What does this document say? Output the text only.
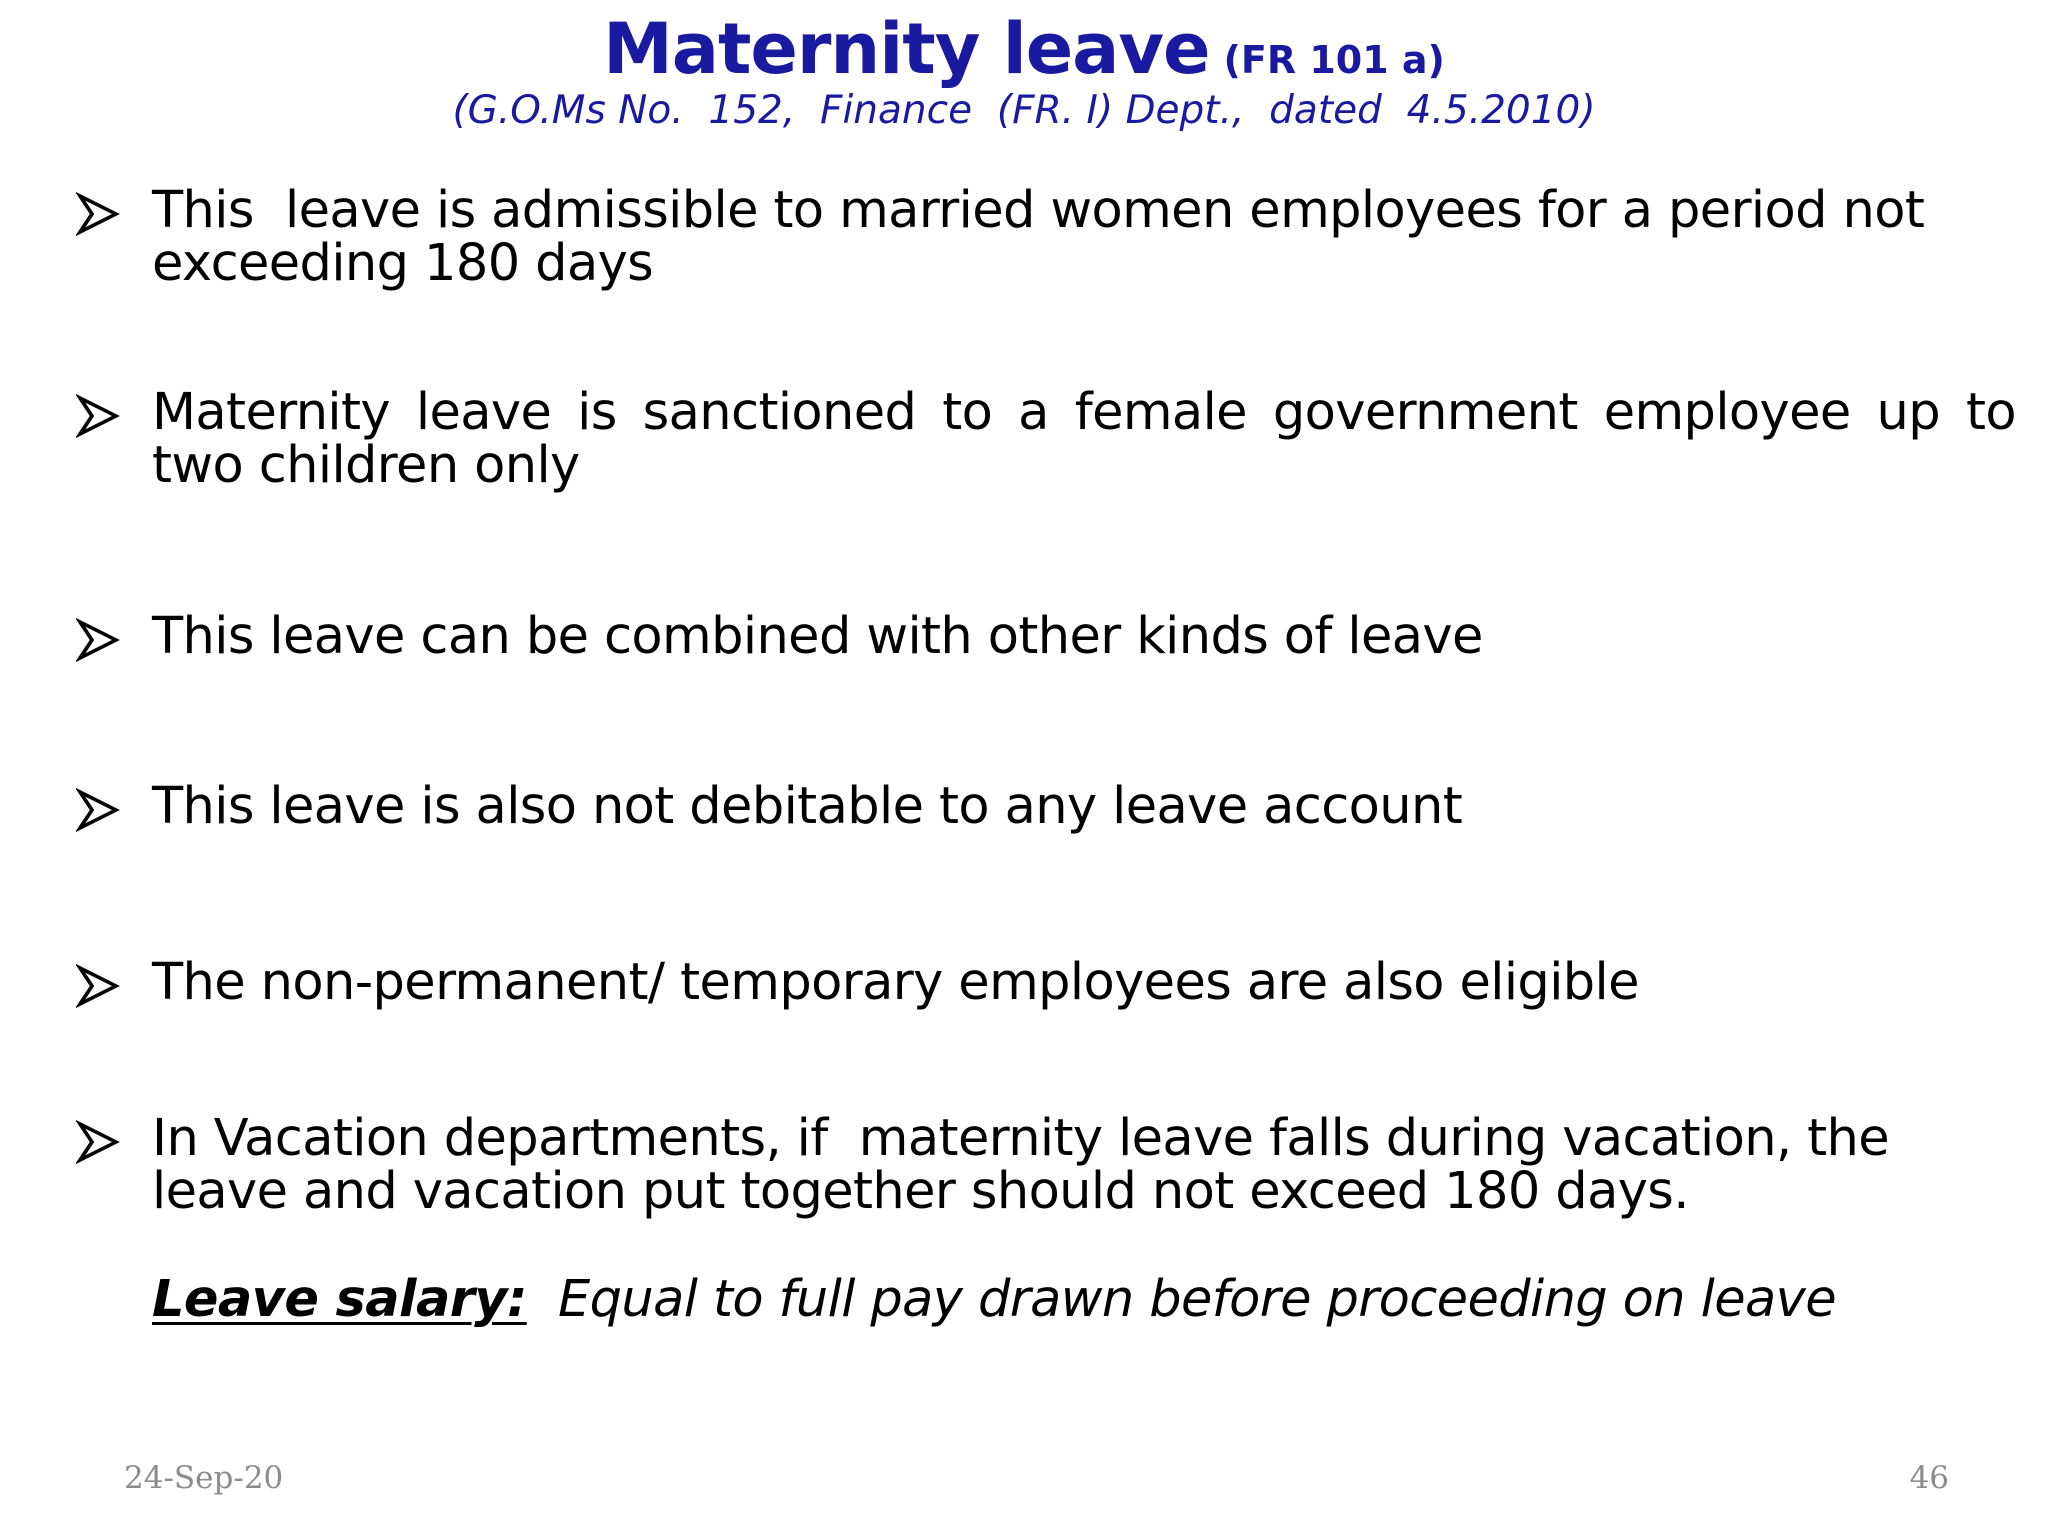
Maternity leave (FR 101 a)
(G.O.Ms No.  152,  Finance  (FR. I) Dept.,  dated  4.5.2010)
This  leave is admissible to married women employees for a period not exceeding 180 days
Maternity leave is sanctioned to a female government employee up to two children only
This leave can be combined with other kinds of leave
This leave is also not debitable to any leave account
The non-permanent/ temporary employees are also eligible
In Vacation departments, if  maternity leave falls during vacation, the leave and vacation put together should not exceed 180 days.
Leave salary: Equal to full pay drawn before proceeding on leave
24-Sep-20	46
